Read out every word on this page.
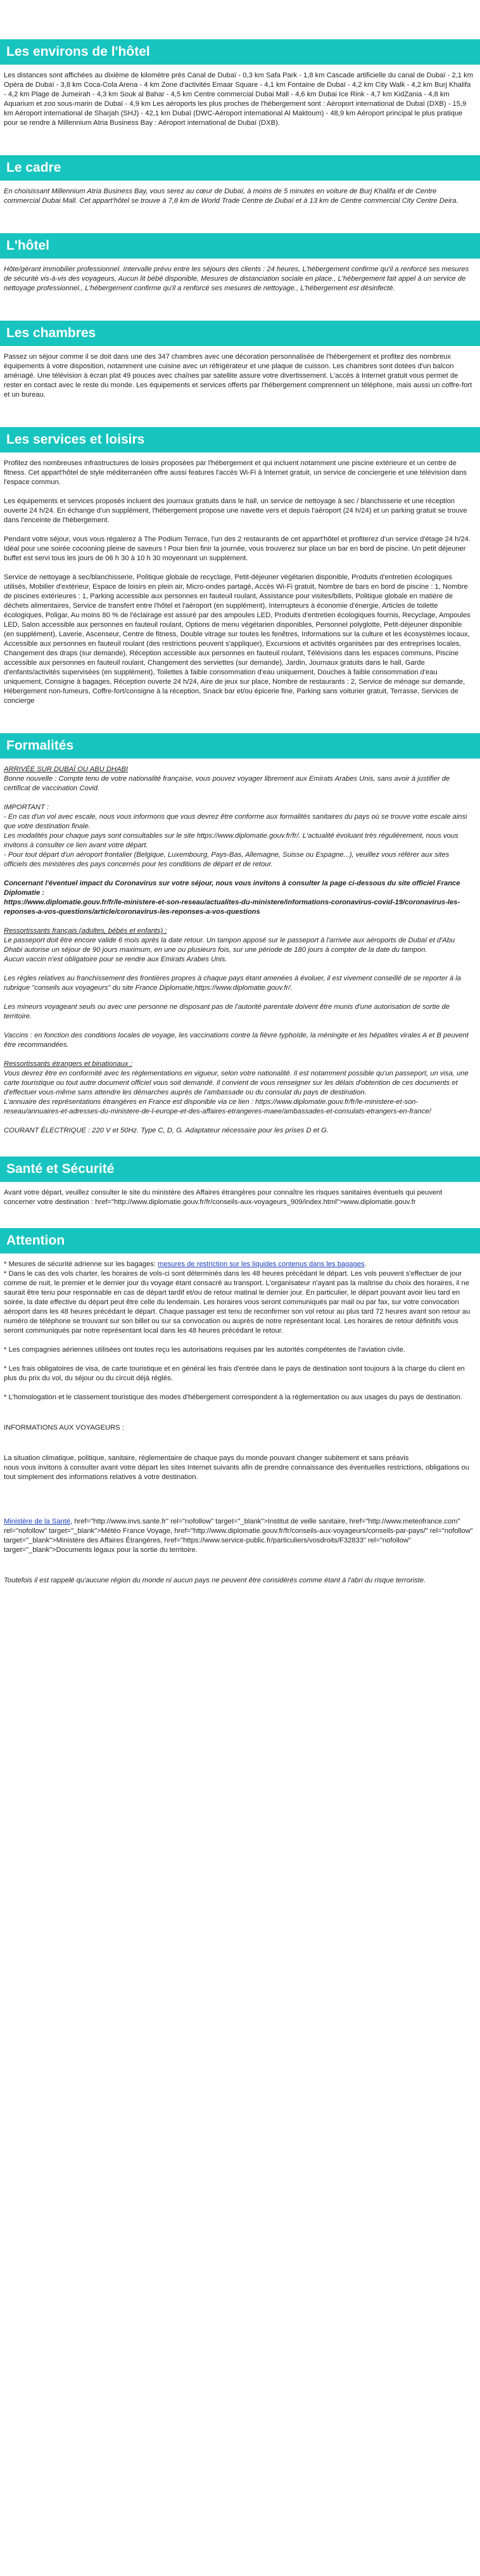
Les environs de l'hôtel

Les distances sont affichées au dixième de kilomètre près Canal de Dubaï - 0,3 km Safa Park - 1,8 km Cascade artificielle du canal de Dubaï - 2,1 km Opéra de Dubaï - 3,8 km Coca-Cola Arena - 4 km Zone d'activités Emaar Square - 4,1 km Fontaine de Dubaï - 4,2 km City Walk - 4,2 km Burj Khalifa - 4,2 km Plage de Jumeirah - 4,3 km Souk al Bahar - 4,5 km Centre commercial Dubai Mall - 4,6 km Dubai Ice Rink - 4,7 km KidZania - 4,8 km Aquarium et zoo sous-marin de Dubaï - 4,9 km Les aéroports les plus proches de l'hébergement sont : Aéroport international de Dubaï (DXB) - 15,9 km Aéroport international de Sharjah (SHJ) - 42,1 km Dubaï (DWC-Aéroport international Al Maktoum) - 48,9 km Aéroport principal le plus pratique pour se rendre à Millennium Atria Business Bay : Aéroport international de Dubaï (DXB).

Le cadre

En choisissant Millennium Atria Business Bay, vous serez au cœur de Dubaï, à moins de 5 minutes en voiture de Burj Khalifa et de Centre commercial Dubai Mall. Cet appart'hôtel se trouve à 7,8 km de World Trade Centre de Dubaï et à 13 km de Centre commercial City Centre Deira.

L'hôtel

Hôte/gérant immobilier professionnel. Intervalle prévu entre les séjours des clients : 24 heures, L'hébergement confirme qu'il a renforcé ses mesures de sécurité vis-à-vis des voyageurs, Aucun lit bébé disponible, Mesures de distanciation sociale en place., L'hébergement fait appel à un service de nettoyage professionnel., L'hébergement confirme qu'il a renforcé ses mesures de nettoyage., L'hébergement est désinfecté.

Les chambres

Passez un séjour comme il se doit dans une des 347 chambres avec une décoration personnalisée de l'hébergement et profitez des nombreux équipements à votre disposition, notamment une cuisine avec un réfrigérateur et une plaque de cuisson. Les chambres sont dotées d'un balcon aménagé. Une télévision à écran plat 49 pouces avec chaînes par satellite assure votre divertissement. L'accès à Internet gratuit vous permet de rester en contact avec le reste du monde. Les équipements et services offerts par l'hébergement comprennent un téléphone, mais aussi un coffre-fort et un bureau.

Les services et loisirs

Profitez des nombreuses infrastructures de loisirs proposées par l'hébergement et qui incluent notamment une piscine extérieure et un centre de fitness. Cet appart'hôtel de style méditerranéen offre aussi features l'accès Wi-Fi à Internet gratuit, un service de conciergerie et une télévision dans l'espace commun.

Les équipements et services proposés incluent des journaux gratuits dans le hall, un service de nettoyage à sec / blanchisserie et une réception ouverte 24 h/24. En échange d'un supplément, l'hébergement propose une navette vers et depuis l'aéroport (24 h/24) et un parking gratuit se trouve dans l'enceinte de l'hébergement.

Pendant votre séjour, vous vous régalerez à The Podium Terrace, l'un des 2 restaurants de cet appart'hôtel et profiterez d'un service d'étage 24 h/24. Idéal pour une soirée cocooning pleine de saveurs ! Pour bien finir la journée, vous trouverez sur place un bar en bord de piscine. Un petit déjeuner buffet est servi tous les jours de 06 h 30 à 10 h 30 moyennant un supplément.

Service de nettoyage à sec/blanchisserie, Politique globale de recyclage, Petit-déjeuner végétarien disponible, Produits d'entretien écologiques utilisés, Mobilier d'extérieur, Espace de loisirs en plein air, Micro-ondes partagé, Accès Wi-Fi gratuit, Nombre de bars en bord de piscine : 1, Nombre de piscines extérieures : 1, Parking accessible aux personnes en fauteuil roulant, Assistance pour visites/billets, Politique globale en matière de déchets alimentaires, Service de transfert entre l'hôtel et l'aéroport (en supplément), Interrupteurs à économie d'énergie, Articles de toilette écologiques, Poligar, Au moins 80 % de l'éclairage est assuré par des ampoules LED, Produits d'entretien écologiques fournis, Recyclage, Ampoules LED, Salon accessible aux personnes en fauteuil roulant, Options de menu végétarien disponibles, Personnel polyglotte, Petit-déjeuner disponible (en supplément), Laverie, Ascenseur, Centre de fitness, Double vitrage sur toutes les fenêtres, Informations sur la culture et les écosystèmes locaux, Accessible aux personnes en fauteuil roulant (des restrictions peuvent s'appliquer), Excursions et activités organisées par des entreprises locales, Changement des draps (sur demande), Réception accessible aux personnes en fauteuil roulant, Télévisions dans les espaces communs, Piscine accessible aux personnes en fauteuil roulant, Changement des serviettes (sur demande), Jardin, Journaux gratuits dans le hall, Garde d'enfants/activités supervisées (en supplément), Toilettes à faible consommation d'eau uniquement, Douches à faible consommation d'eau uniquement, Consigne à bagages, Réception ouverte 24 h/24, Aire de jeux sur place, Nombre de restaurants : 2, Service de ménage sur demande, Hébergement non-fumeurs, Coffre-fort/consigne à la réception, Snack bar et/ou épicerie fine, Parking sans voiturier gratuit, Terrasse, Services de concierge

Formalités

ARRIVÉE SUR DUBAÏ OU ABU DHABI

Bonne nouvelle : Compte tenu de votre nationalité française, vous pouvez voyager librement aux Emirats Arabes Unis, sans avoir à justifier de certificat de vaccination Covid.

IMPORTANT :

- En cas d'un vol avec escale, nous vous informons que vous devrez être conforme aux formalités sanitaires du pays où se trouve votre escale ainsi que votre destination finale.

Les modalités pour chaque pays sont consultables sur le site https://www.diplomatie.gouv.fr/fr/. L'actualité évoluant très régulièrement, nous vous invitons à consulter ce lien avant votre départ.

- Pour tout départ d'un aéroport frontalier (Belgique, Luxembourg, Pays-Bas, Allemagne, Suisse ou Espagne...), veuillez vous référer aux sites officiels des ministères des pays concernés pour les conditions de départ et de retour.

Concernant l'éventuel impact du Coronavirus sur votre séjour, nous vous invitons à consulter la page ci-dessous du site officiel France Diplomatie :

https://www.diplomatie.gouv.fr/fr/le-ministere-et-son-reseau/actualites-du-ministere/informations-coronavirus-covid-19/coronavirus-les-reponses-a-vos-questions/article/coronavirus-les-reponses-a-vos-questions

Ressortissants français (adultes, bébés et enfants) :

Le passeport doit être encore valide 6 mois après la date retour. Un tampon apposé sur le passeport à l'arrivée aux aéroports de Dubaï et d'Abu Dhabi autorise un séjour de 90 jours maximum, en une ou plusieurs fois, sur une période de 180 jours à compter de la date du tampon.

Aucun vaccin n'est obligatoire pour se rendre aux Emirats Arabes Unis.

Les règles relatives au franchissement des frontières propres à chaque pays étant amenées à évoluer, il est vivement conseillé de se reporter à la rubrique "conseils aux voyageurs" du site France Diplomatie,https://www.diplomatie.gouv.fr/.

Les mineurs voyageant seuls ou avec une personne ne disposant pas de l'autorité parentale doivent être munis d'une autorisation de sortie de territoire.

Vaccins : en fonction des conditions locales de voyage, les vaccinations contre la fièvre typhoïde, la méningite et les hépatites virales A et B peuvent être recommandées.

Ressortissants étrangers et binationaux :

Vous devrez être en conformité avec les réglementations en vigueur, selon votre nationalité. Il est notamment possible qu'un passeport, un visa, une carte touristique ou tout autre document officiel vous soit demandé. Il convient de vous renseigner sur les délais d'obtention de ces documents et d'effectuer vous-même sans attendre les démarches auprès de l'ambassade ou du consulat du pays de destination.

L'annuaire des représentations étrangères en France est disponible via ce lien : https://www.diplomatie.gouv.fr/fr/le-ministere-et-son-reseau/annuaires-et-adresses-du-ministere-de-l-europe-et-des-affaires-etrangeres-maee/ambassades-et-consulats-etrangers-en-france/

COURANT ÉLECTRIQUE : 220 V et 50Hz. Type C, D, G. Adaptateur nécessaire pour les prises D et G.

Santé et Sécurité

Avant votre départ, veuillez consulter le site du ministère des Affaires étrangères pour connaître les risques sanitaires éventuels qui peuvent concerner votre destination : href="http://www.diplomatie.gouv.fr/fr/conseils-aux-voyageurs_909/index.html">www.diplomatie.gouv.fr

Attention

* Mesures de sécurité adrienne sur les bagages: mesures de restriction sur les liquides contenus dans les bagages.

* Dans le cas des vols charter, les horaires de vols-ci sont déterminés dans les 48 heures précédant le départ. Les vols peuvent s'effectuer de jour comme de nuit, le premier et le dernier jour du voyage étant consacré au transport. L'organisateur n'ayant pas la maîtrise du choix des horaires, il ne saurait être tenu pour responsable en cas de départ tardif et/ou de retour matinal le dernier jour. En particulier, le départ pouvant avoir lieu tard en soirée, la date effective du départ peut être celle du lendemain. Les horaires vous seront communiqués par mail ou par fax, sur votre convocation aéroport dans les 48 heures précédant le départ. Chaque passager est tenu de reconfirmer son vol retour au plus tard 72 heures avant son retour au numéro de téléphone se trouvant sur son billet ou sur sa convocation ou auprès de notre représentant local. Les horaires de retour définitifs vous seront communiqués par notre représentant local dans les 48 heures précédant le retour.

* Les compagnies aériennes utilisées ont toutes reçu les autorisations requises par les autorités compétentes de l'aviation civile.

* Les frais obligatoires de visa, de carte touristique et en général les frais d'entrée dans le pays de destination sont toujours à la charge du client en plus du prix du vol, du séjour ou du circuit déjà réglés.

* L'homologation et le classement touristique des modes d'hébergement correspondent à la réglementation ou aux usages du pays de destination.

INFORMATIONS AUX VOYAGEURS :

La situation climatique, politique, sanitaire, réglementaire de chaque pays du monde pouvant changer subitement et sans préavis
nous vous invitons à consulter avant votre départ les sites Internet suivants afin de prendre connaissance des éventuelles restrictions, obligations ou tout simplement des informations relatives à votre destination.

Ministère de la Santé, href="http://www.invs.sante.fr" rel="nofollow" target="_blank">Institut de veille sanitaire, href="http://www.meteofrance.com" rel="nofollow" target="_blank">Météo France Voyage, href="http://www.diplomatie.gouv.fr/fr/conseils-aux-voyageurs/conseils-par-pays/" rel="nofollow" target="_blank">Ministère des Affaires Étrangères, href="https://www.service-public.fr/particuliers/vosdroits/F32833" rel="nofollow" target="_blank">Documents légaux pour la sortie du territoire.

Toutefois il est rappelé qu'aucune région du monde ni aucun pays ne peuvent être considérés comme étant à l'abri du risque terroriste.
